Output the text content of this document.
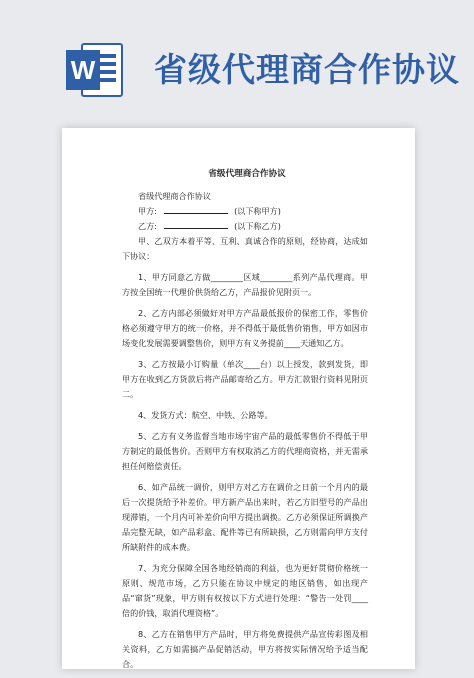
W 省级代理商合作协议
省级代理商合作协议
省级代理商合作协议
甲方:	(以下称甲方)
乙方:	(以下称乙方)
甲、乙双方本着平等、互利、真诚合作的原则，经协商，达成如下协议：
1、甲方同意乙方做________区域________系列产品代理商。甲方按全国统一代理价供货给乙方，产品报价见附页一。
2、乙方内部必须做好对甲方产品最低报价的保密工作，零售价格必须遵守甲方的统一价格，并不得低于最低售价销售，甲方如因市场变化发展需要调整售价，则甲方有义务提前____天通知乙方。
3、乙方按最小订购量（单次____台）以上授发，款到发货，即甲方在收到乙方货款后将产品邮寄给乙方。甲方汇款银行资料见附页二。
4、发货方式：航空、中铁、公路等。
5、乙方有义务监督当地市场宇宙产品的最低零售价不得低于甲方制定的最低售价。否则甲方有权取消乙方的代理商资格，并无需承担任何赔偿责任。
6、如产品统一调价，则甲方对乙方在调价之日前一个月内的最后一次提货给予补差价。甲方新产品出来时，若乙方旧型号的产品出现滞销，一个月内可补差价向甲方提出调换。乙方必须保证所调换产品完整无缺，如产品彩盒、配件等已有所缺损，乙方则需向甲方支付所缺附件的成本费。
7、为充分保障全国各地经销商的利益，也为更好贯彻价格统一原则、规范市场，乙方只能在协议中规定的地区销售，如出现产品“窜货”现象，甲方则有权按以下方式进行处理：“警告一处罚____倍的价钱，取消代理资格”。
8、乙方在销售甲方产品时，甲方将免费提供产品宣传彩图及相关资料，乙方如需搞产品促销活动，甲方将按实际情况给予适当配合。
